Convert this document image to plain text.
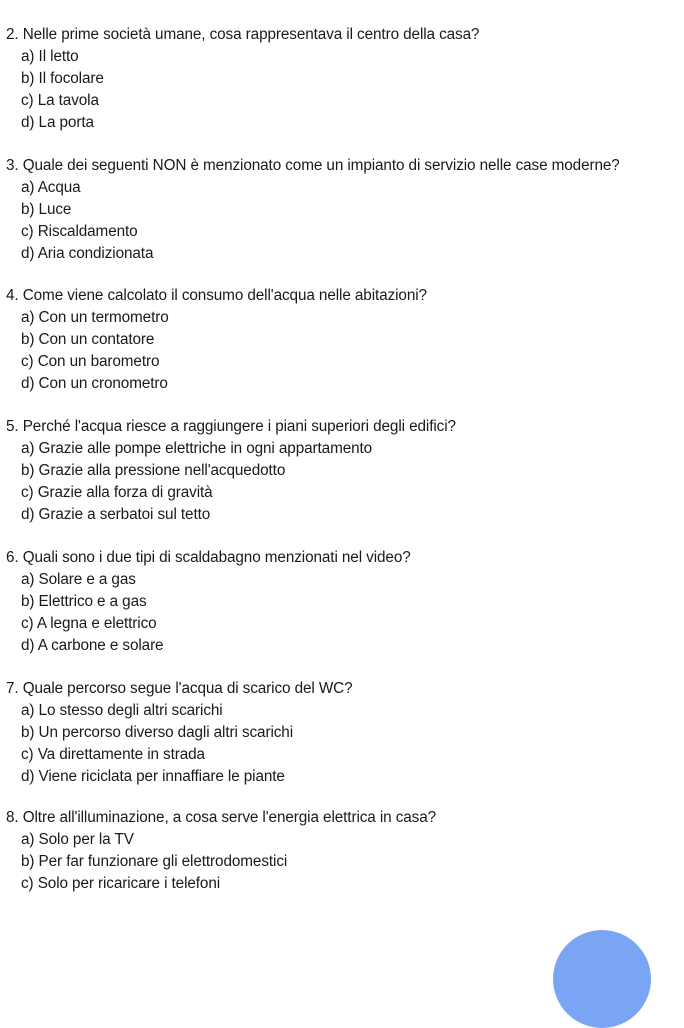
2. Nelle prime società umane, cosa rappresentava il centro della casa?
a) Il letto
b) Il focolare
c) La tavola
d) La porta
3. Quale dei seguenti NON è menzionato come un impianto di servizio nelle case moderne?
a) Acqua
b) Luce
c) Riscaldamento
d) Aria condizionata
4. Come viene calcolato il consumo dell'acqua nelle abitazioni?
a) Con un termometro
b) Con un contatore
c) Con un barometro
d) Con un cronometro
5. Perché l'acqua riesce a raggiungere i piani superiori degli edifici?
a) Grazie alle pompe elettriche in ogni appartamento
b) Grazie alla pressione nell'acquedotto
c) Grazie alla forza di gravità
d) Grazie a serbatoi sul tetto
6. Quali sono i due tipi di scaldabagno menzionati nel video?
a) Solare e a gas
b) Elettrico e a gas
c) A legna e elettrico
d) A carbone e solare
7. Quale percorso segue l'acqua di scarico del WC?
a) Lo stesso degli altri scarichi
b) Un percorso diverso dagli altri scarichi
c) Va direttamente in strada
d) Viene riciclata per innaffiare le piante
8. Oltre all'illuminazione, a cosa serve l'energia elettrica in casa?
a) Solo per la TV
b) Per far funzionare gli elettrodomestici
c) Solo per ricaricare i telefoni
